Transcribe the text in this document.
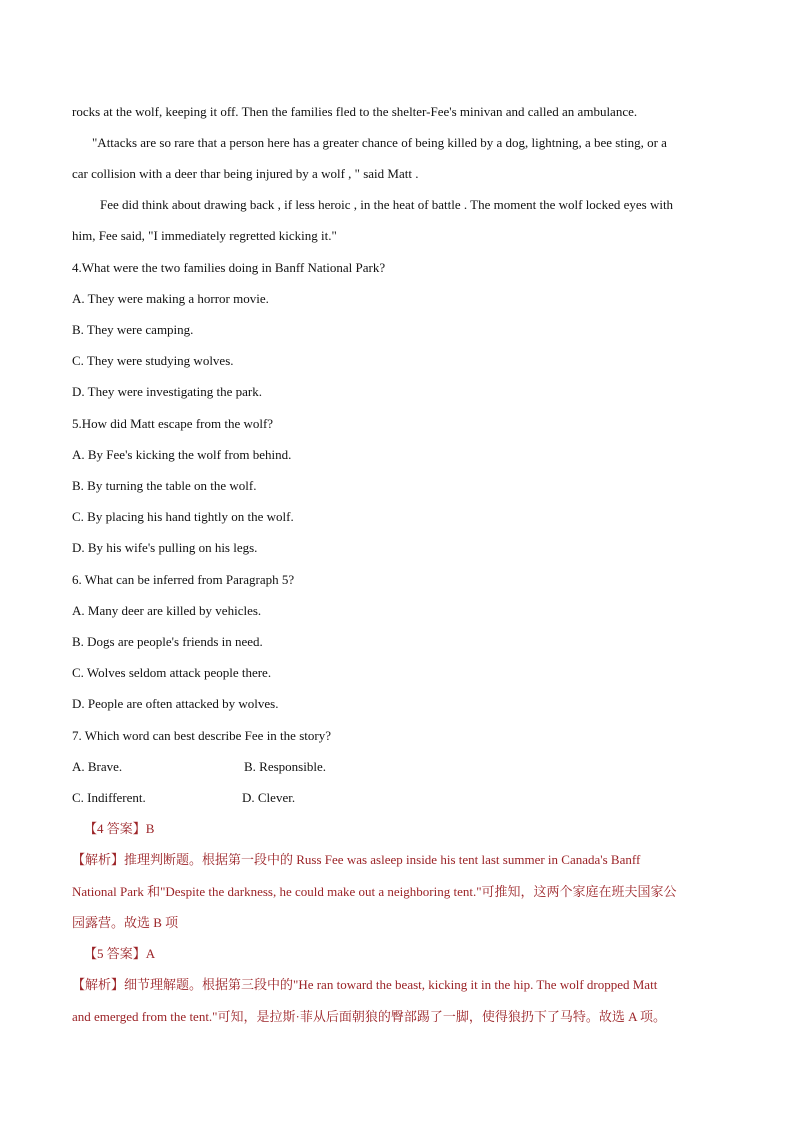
rocks at the wolf, keeping it off. Then the families fled to the shelter-Fee's minivan and called an ambulance.
"Attacks are so rare that a person here has a greater chance of being killed by a dog, lightning, a bee sting, or a
car collision with a deer thar being injured by a wolf , " said Matt .
Fee did think about drawing back , if less heroic , in the heat of battle . The moment the wolf locked eyes with
him, Fee said, "I immediately regretted kicking it."
4.What were the two families doing in Banff National Park?
A. They were making a horror movie.
B. They were camping.
C. They were studying wolves.
D. They were investigating the park.
5.How did Matt escape from the wolf?
A. By Fee's kicking the wolf from behind.
B. By turning the table on the wolf.
C. By placing his hand tightly on the wolf.
D. By his wife's pulling on his legs.
6. What can be inferred from Paragraph 5?
A. Many deer are killed by vehicles.
B. Dogs are people's friends in need.
C. Wolves seldom attack people there.
D. People are often attacked by wolves.
7. Which word can best describe Fee in the story?
A. Brave.	B. Responsible.
C. Indifferent.	D. Clever.
【4 答案】B
【解析】推理判断题。根据第一段中的 Russ Fee was asleep inside his tent last summer in Canada's Banff
National Park 和"Despite the darkness, he could make out a neighboring tent."可推知，这两个家庭在班夫国家公
园露营。故选 B 项
【5 答案】A
【解析】细节理解题。根据第三段中的"He ran toward the beast, kicking it in the hip. The wolf dropped Matt
and emerged from the tent."可知，是拉斯·菲从后面朝狼的臀部踢了一脚，使得狼扔下了马特。故选 A 项。
